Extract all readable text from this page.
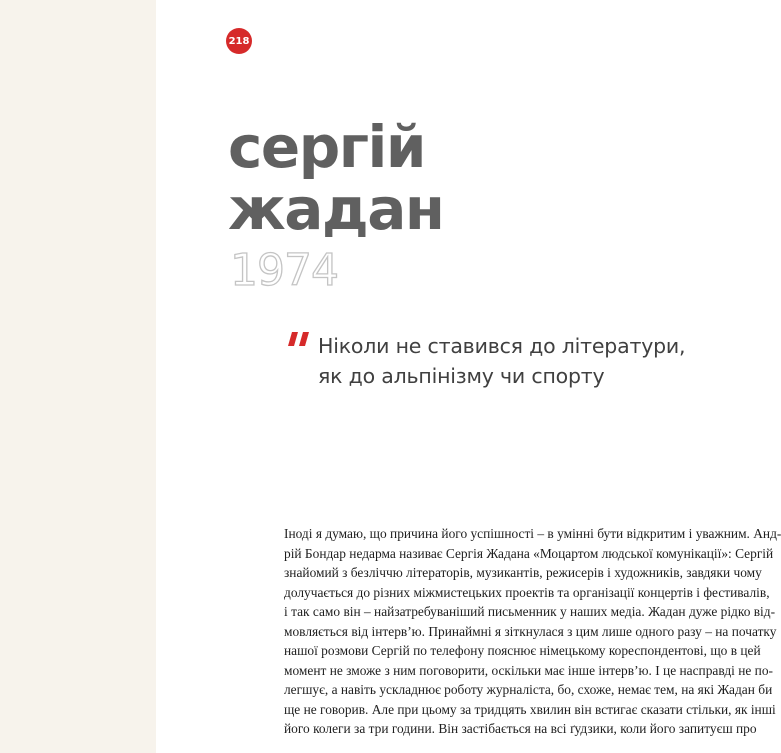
218
сергій
жадан
1974

Ніколи не ставився до літератури,
як до альпінізму чи спорту

Іноді я думаю, що причина його успішності – в умінні бути відкритим і уважним. Анд-
рій Бондар недарма називає Сергія Жадана «Моцартом людської комунікації»: Сергій
знайомий з безліччю літераторів, музикантів, режисерів і художників, завдяки чому
долучається до різних міжмистецьких проектів та організації концертів і фестивалів,
і так само він – найзатребуваніший письменник у наших медіа. Жадан дуже рідко від-
мовляється від інтерв’ю. Принаймні я зіткнулася з цим лише одного разу – на початку
нашої розмови Сергій по телефону пояснює німецькому кореспондентові, що в цей
момент не зможе з ним поговорити, оскільки має інше інтерв’ю. І це насправді не по-
легшує, а навіть ускладнює роботу журналіста, бо, схоже, немає тем, на які Жадан би
ще не говорив. Але при цьому за тридцять хвилин він встигає сказати стільки, як інші
його колеги за три години. Він застібається на всі ґудзики, коли його запитуєш про
